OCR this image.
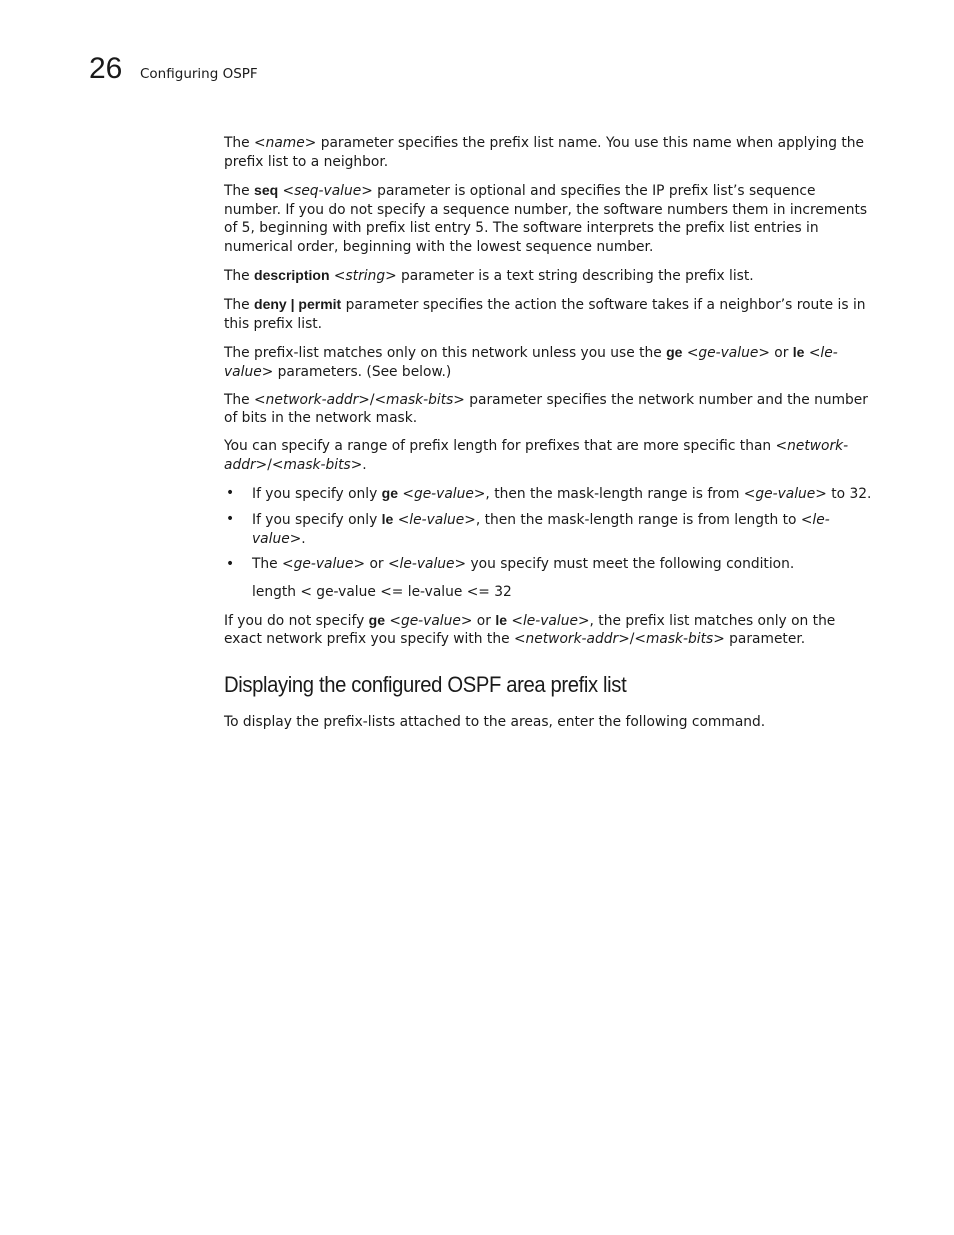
26 Configuring OSPF

The <name> parameter specifies the prefix list name. You use this name when applying the prefix list to a neighbor.

The seq <seq-value> parameter is optional and specifies the IP prefix list’s sequence number. If you do not specify a sequence number, the software numbers them in increments of 5, beginning with prefix list entry 5. The software interprets the prefix list entries in numerical order, beginning with the lowest sequence number.

The description <string> parameter is a text string describing the prefix list.

The deny | permit parameter specifies the action the software takes if a neighbor’s route is in this prefix list.

The prefix-list matches only on this network unless you use the ge <ge-value> or le <le-value> parameters. (See below.)

The <network-addr>/<mask-bits> parameter specifies the network number and the number of bits in the network mask.

You can specify a range of prefix length for prefixes that are more specific than <network-addr>/<mask-bits>.

• If you specify only ge <ge-value>, then the mask-length range is from <ge-value> to 32.
• If you specify only le <le-value>, then the mask-length range is from length to <le-value>.
• The <ge-value> or <le-value> you specify must meet the following condition.
length < ge-value <= le-value <= 32

If you do not specify ge <ge-value> or le <le-value>, the prefix list matches only on the exact network prefix you specify with the <network-addr>/<mask-bits> parameter.

Displaying the configured OSPF area prefix list

To display the prefix-lists attached to the areas, enter the following command.
